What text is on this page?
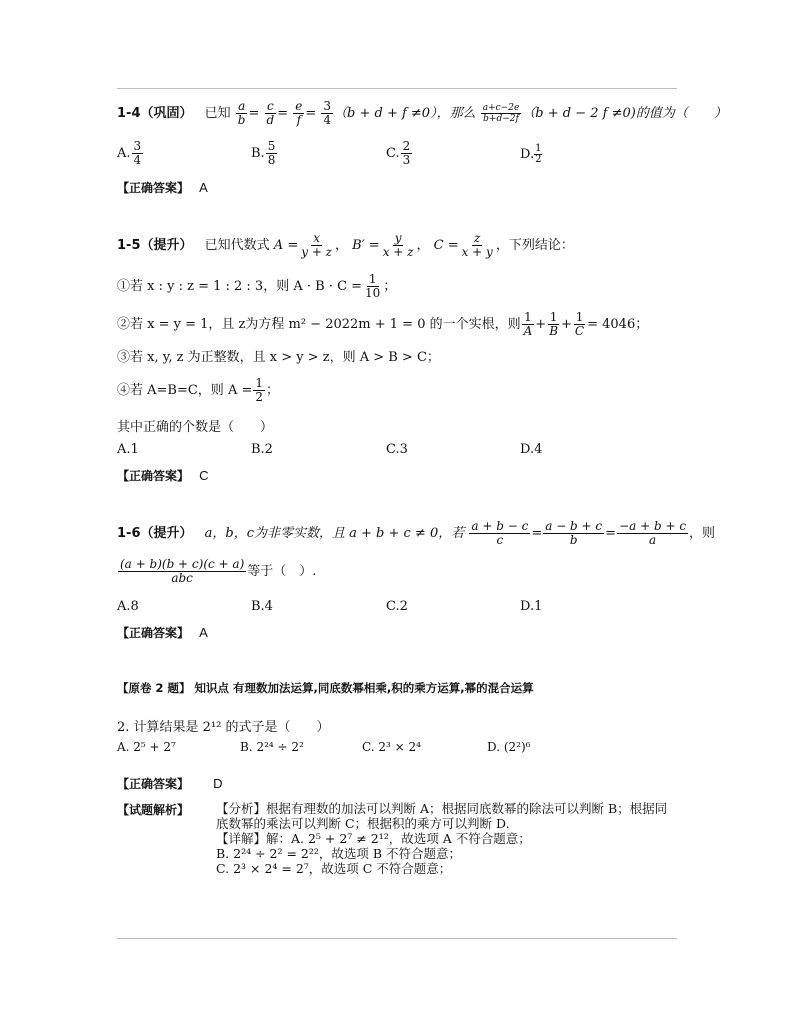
1-4（巩固） 已知 $\frac{a}{b} = \frac{c}{d} = \frac{e}{f} = \frac{3}{4} (b + d + f \ne 0)$，那么 $\frac{a+c-2e}{b+d-2f} (b + d - 2$ f ≠0)的值为（　　）
A. $\frac{3}{4}$	B. $\frac{5}{8}$	C. $\frac{2}{3}$	D. $\frac{1}{2}$
【正确答案】 A
1-5（提升） 已知代数式 $A = \frac{x}{y + z}$ ， $B' = \frac{y}{x + z}$ ， $C = \frac{z}{x + y}$ ，下列结论：
①若 x : y : z = 1 : 2 : 3，则 $A \cdot B \cdot C = \frac{1}{10}$ ；
②若 x = y = 1，且 z为方程 m² − 2022m + 1 = 0 的一个实根，则 $\frac{1}{A} + \frac{1}{B} + \frac{1}{C} = 4046$；
③若 x, y, z 为正整数，且 x > y > z，则 A > B > C；
④若 A=B=C，则 $A = \frac{1}{2}$ ；
其中正确的个数是（　　）
A.1	B.2	C.3	D.4
【正确答案】 C
1-6（提升） a，b，c为非零实数，且 a + b + c ≠ 0，若 $\frac{a + b - c}{c} = \frac{a - b + c}{b} = \frac{-a + b + c}{a}$ ，则
$\frac{(a + b)(b + c)(c + a)}{\text{abc}}$ 等于（　）.
A.8	B.4	C.2	D.1
【正确答案】 A
【原卷 2 题】 知识点 有理数加法运算,同底数幂相乘,积的乘方运算,幂的混合运算
2. 计算结果是 2¹² 的式子是（　　）
A. 2⁵ + 2⁷	B. 2²⁴ ÷ 2²	C. 2³ × 2⁴	D. (2²)⁶
【正确答案】 D
【试题解析】 【分析】根据有理数的加法可以判断 A；根据同底数幂的除法可以判断 B；根据同
底数幂的乘法可以判断 C；根据积的乘方可以判断 D.
【详解】解：A. 2⁵ + 2⁷ ≠ 2¹²，故选项 A 不符合题意；
B. 2²⁴ ÷ 2² = 2²²，故选项 B 不符合题意；
C. 2³ × 2⁴ = 2⁷，故选项 C 不符合题意；
